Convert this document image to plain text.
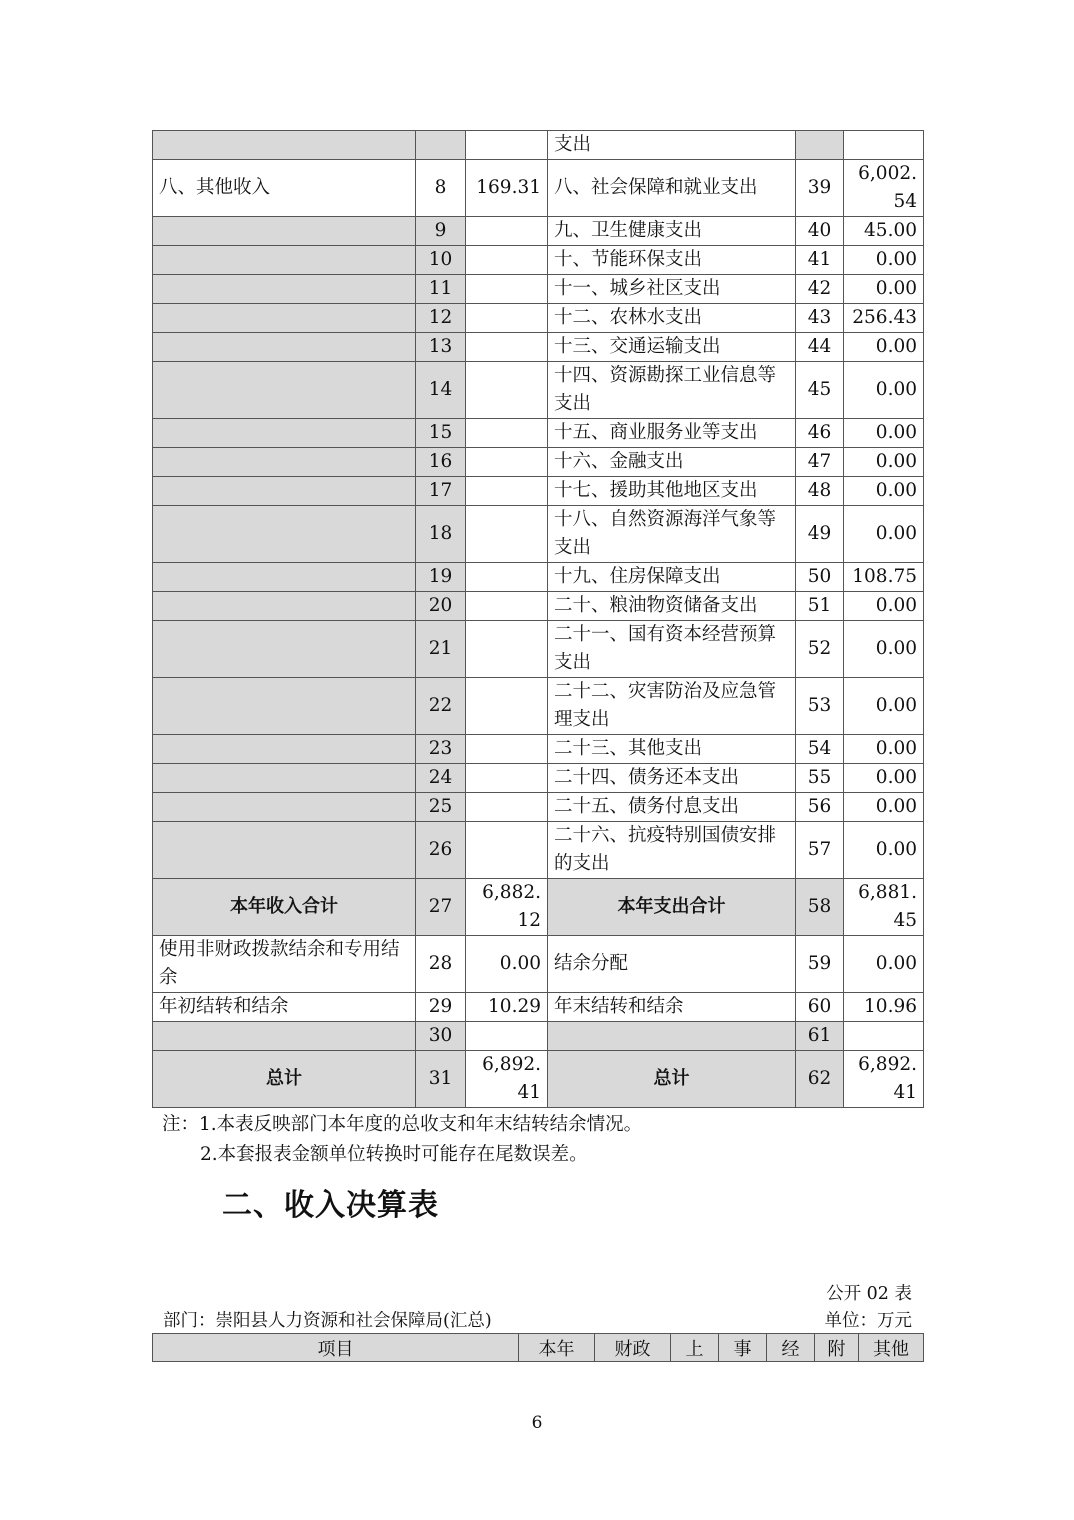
			支出		
八、其他收入	8	169.31	八、社会保障和就业支出	39	6,002.54
	9		九、卫生健康支出	40	45.00
	10		十、节能环保支出	41	0.00
	11		十一、城乡社区支出	42	0.00
	12		十二、农林水支出	43	256.43
	13		十三、交通运输支出	44	0.00
	14		十四、资源勘探工业信息等支出	45	0.00
	15		十五、商业服务业等支出	46	0.00
	16		十六、金融支出	47	0.00
	17		十七、援助其他地区支出	48	0.00
	18		十八、自然资源海洋气象等支出	49	0.00
	19		十九、住房保障支出	50	108.75
	20		二十、粮油物资储备支出	51	0.00
	21		二十一、国有资本经营预算支出	52	0.00
	22		二十二、灾害防治及应急管理支出	53	0.00
	23		二十三、其他支出	54	0.00
	24		二十四、债务还本支出	55	0.00
	25		二十五、债务付息支出	56	0.00
	26		二十六、抗疫特别国债安排的支出	57	0.00
本年收入合计	27	6,882.12	本年支出合计	58	6,881.45
使用非财政拨款结余和专用结余	28	0.00	结余分配	59	0.00
年初结转和结余	29	10.29	年末结转和结余	60	10.96
	30			61	
总计	31	6,892.41	总计	62	6,892.41
注：1.本表反映部门本年度的总收支和年末结转结余情况。
2.本套报表金额单位转换时可能存在尾数误差。
二、收入决算表
公开 02 表
部门：崇阳县人力资源和社会保障局(汇总)	单位：万元
项目	本年	财政	上	事	经	附	其他
6
